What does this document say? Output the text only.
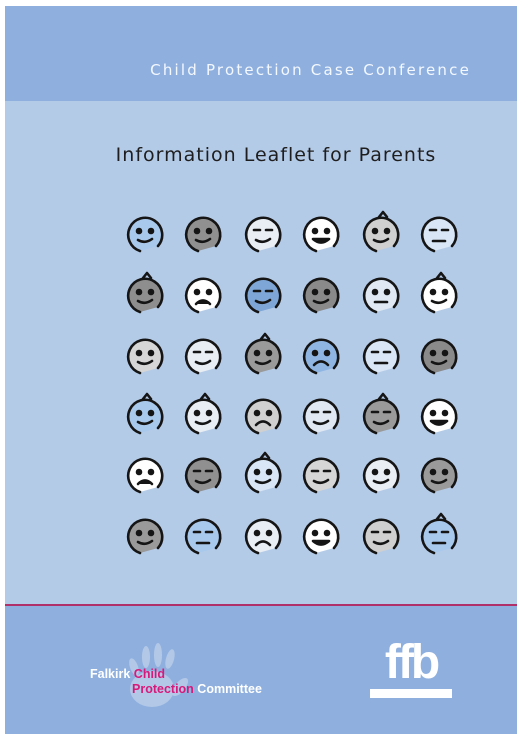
Child Protection Case Conference
Information Leaflet for Parents
Falkirk Child
Protection Committee	ffb
